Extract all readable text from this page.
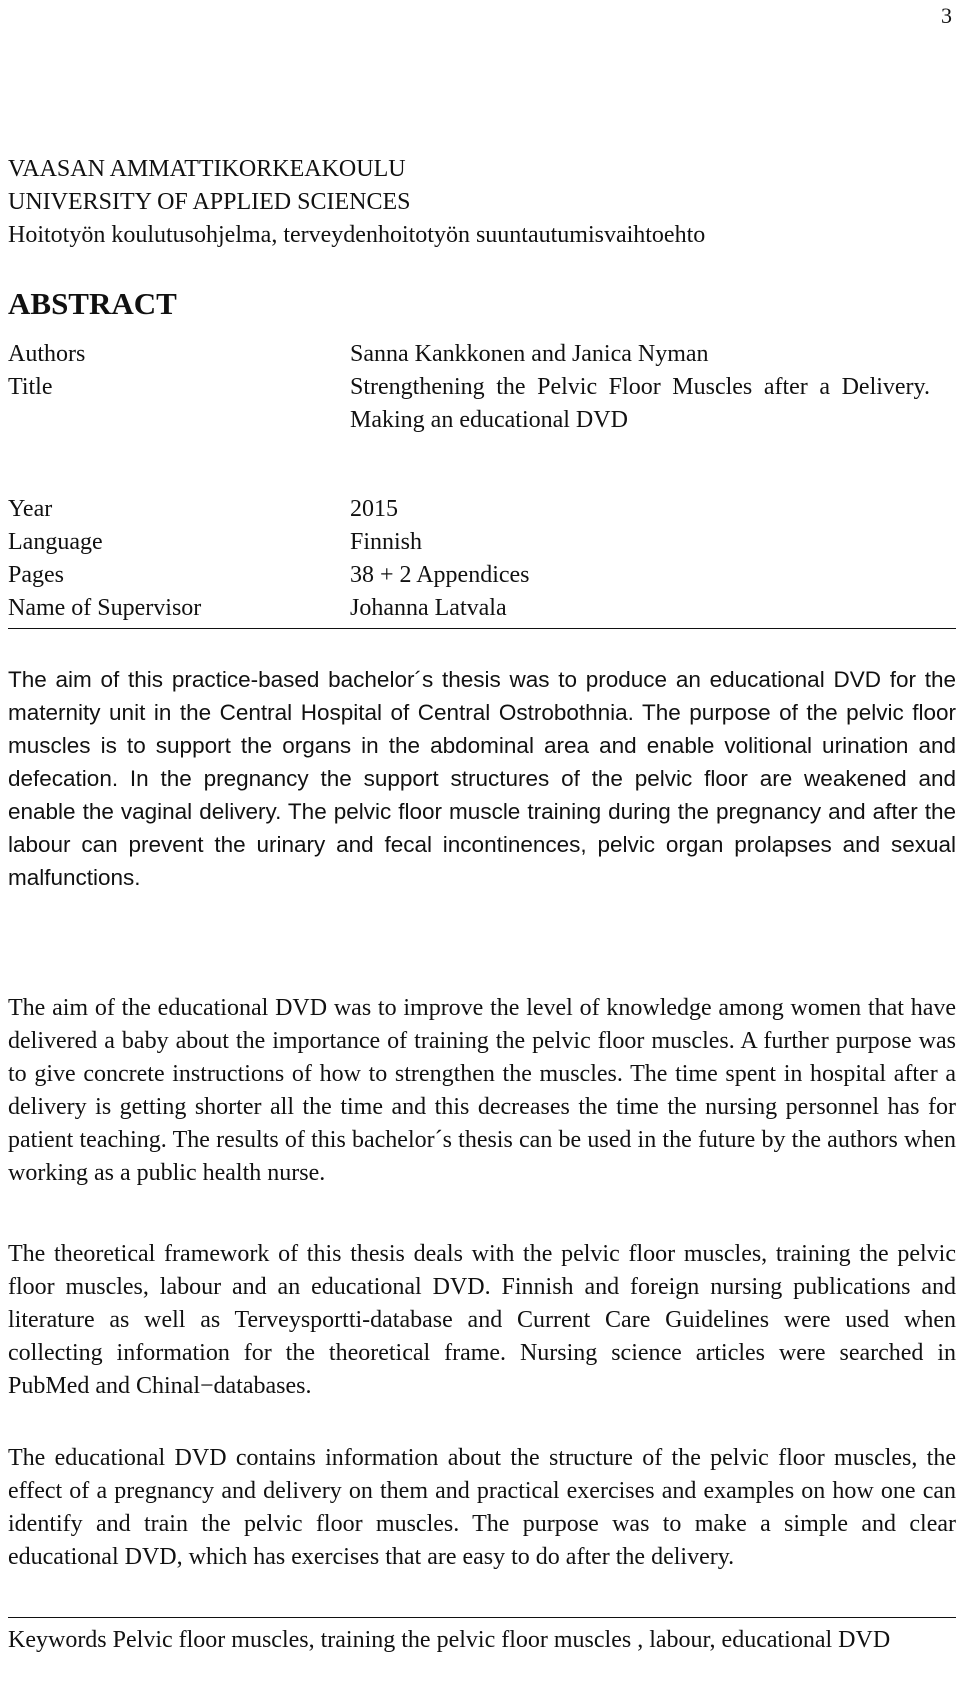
3
VAASAN AMMATTIKORKEAKOULU
UNIVERSITY OF APPLIED SCIENCES
Hoitotyön koulutusohjelma, terveydenhoitotyön suuntautumisvaihtoehto
ABSTRACT
Authors	Sanna Kankkonen and Janica Nyman
Title	Strengthening the Pelvic Floor Muscles after a Delivery. Making an educational DVD
Year	2015
Language	Finnish
Pages	38 + 2 Appendices
Name of Supervisor	Johanna Latvala
The aim of this practice-based bachelor´s thesis was to produce an educational DVD for the maternity unit in the Central Hospital of Central Ostrobothnia. The purpose of the pelvic floor muscles is to support the organs in the abdominal area and enable volitional urination and defecation. In the pregnancy the support structures of the pelvic floor are weakened and enable the vaginal delivery. The pelvic floor muscle training during the pregnancy and after the labour can prevent the urinary and fecal incontinences, pelvic organ prolapses and sexual malfunctions.
The aim of the educational DVD was to improve the level of knowledge among women that have delivered a baby about the importance of training the pelvic floor muscles. A further purpose was to give concrete instructions of how to strengthen the muscles. The time spent in hospital after a delivery is getting shorter all the time and this decreases the time the nursing personnel has for patient teaching. The results of this bachelor´s thesis can be used in the future by the authors when working as a public health nurse.
The theoretical framework of this thesis deals with the pelvic floor muscles, training the pelvic floor muscles, labour and an educational DVD. Finnish and foreign nursing publications and literature as well as Terveysportti-database and Current Care Guidelines were used when collecting information for the theoretical frame. Nursing science articles were searched in PubMed and Chinal−databases.
The educational DVD contains information about the structure of the pelvic floor muscles, the effect of a pregnancy and delivery on them and practical exercises and examples on how one can identify and train the pelvic floor muscles. The purpose was to make a simple and clear educational DVD, which has exercises that are easy to do after the delivery.
Keywords Pelvic floor muscles, training the pelvic floor muscles , labour, educational DVD
